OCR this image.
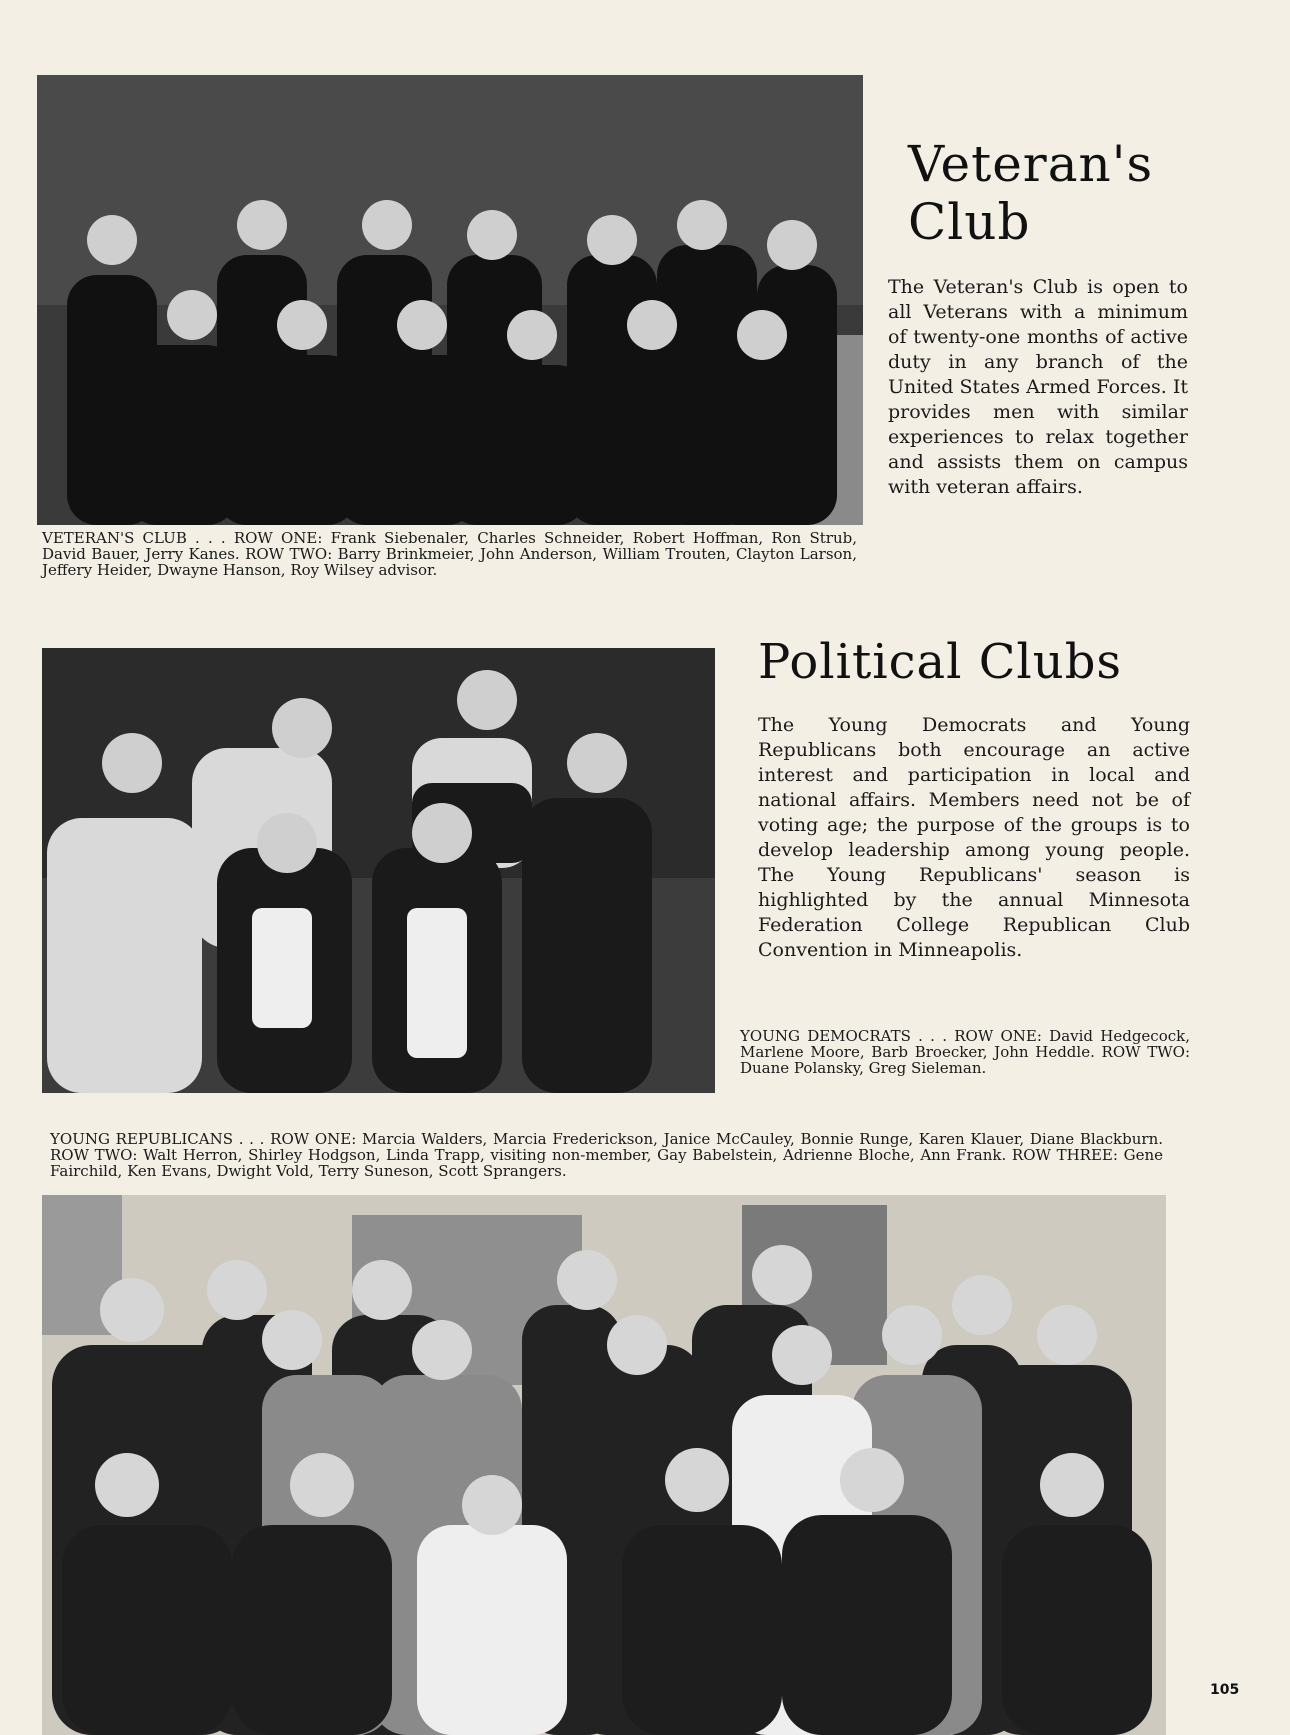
Veteran's
Club

The Veteran's Club is open to all Veterans with a minimum of twenty-one months of active duty in any branch of the United States Armed Forces. It provides men with similar experiences to relax together and assists them on campus with veteran affairs.

VETERAN'S CLUB . . . ROW ONE: Frank Siebenaler, Charles Schneider, Robert Hoffman, Ron Strub, David Bauer, Jerry Kanes. ROW TWO: Barry Brinkmeier, John Anderson, William Trouten, Clayton Larson, Jeffery Heider, Dwayne Hanson, Roy Wilsey advisor.

Political Clubs

The Young Democrats and Young Republicans both encourage an active interest and participation in local and national affairs. Members need not be of voting age; the purpose of the groups is to develop leadership among young people. The Young Republicans' season is highlighted by the annual Minnesota Federation College Republican Club Convention in Minneapolis.

YOUNG DEMOCRATS . . . ROW ONE: David Hedgecock, Marlene Moore, Barb Broecker, John Heddle. ROW TWO: Duane Polansky, Greg Sieleman.

YOUNG REPUBLICANS . . . ROW ONE: Marcia Walders, Marcia Frederickson, Janice McCauley, Bonnie Runge, Karen Klauer, Diane Blackburn. ROW TWO: Walt Herron, Shirley Hodgson, Linda Trapp, visiting non-member, Gay Babelstein, Adrienne Bloche, Ann Frank. ROW THREE: Gene Fairchild, Ken Evans, Dwight Vold, Terry Suneson, Scott Sprangers.

105
